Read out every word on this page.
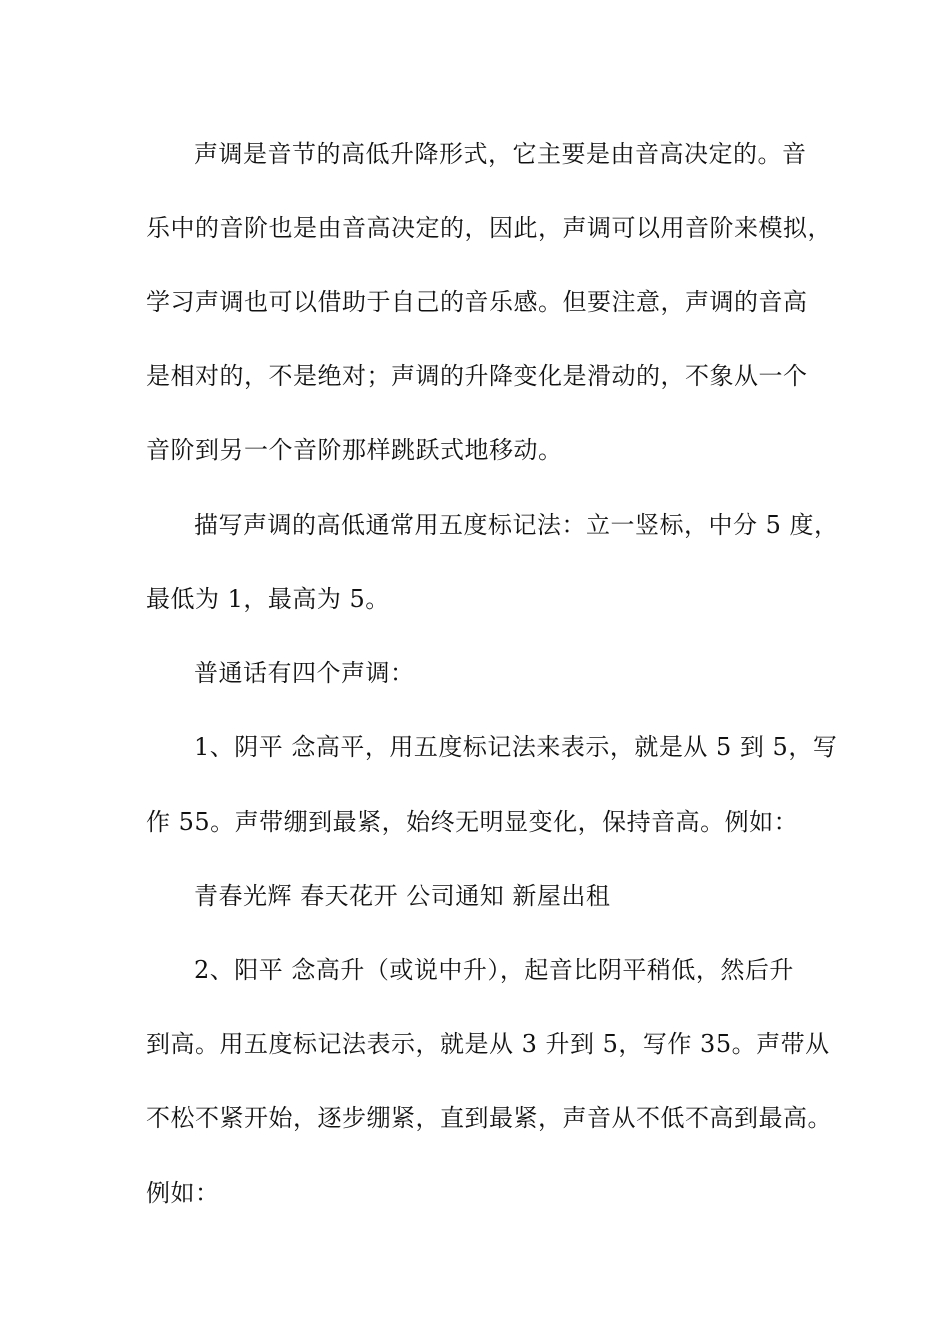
声调是音节的高低升降形式，它主要是由音高决定的。音
乐中的音阶也是由音高决定的，因此，声调可以用音阶来模拟，
学习声调也可以借助于自己的音乐感。但要注意，声调的音高
是相对的，不是绝对；声调的升降变化是滑动的，不象从一个
音阶到另一个音阶那样跳跃式地移动。
描写声调的高低通常用五度标记法：立一竖标，中分 5 度，
最低为 1，最高为 5。
普通话有四个声调：
1、阴平 念高平，用五度标记法来表示，就是从 5 到 5，写
作 55。声带绷到最紧，始终无明显变化，保持音高。例如：
青春光辉 春天花开 公司通知 新屋出租
2、阳平 念高升（或说中升），起音比阴平稍低，然后升
到高。用五度标记法表示，就是从 3 升到 5，写作 35。声带从
不松不紧开始，逐步绷紧，直到最紧，声音从不低不高到最高。
例如：
